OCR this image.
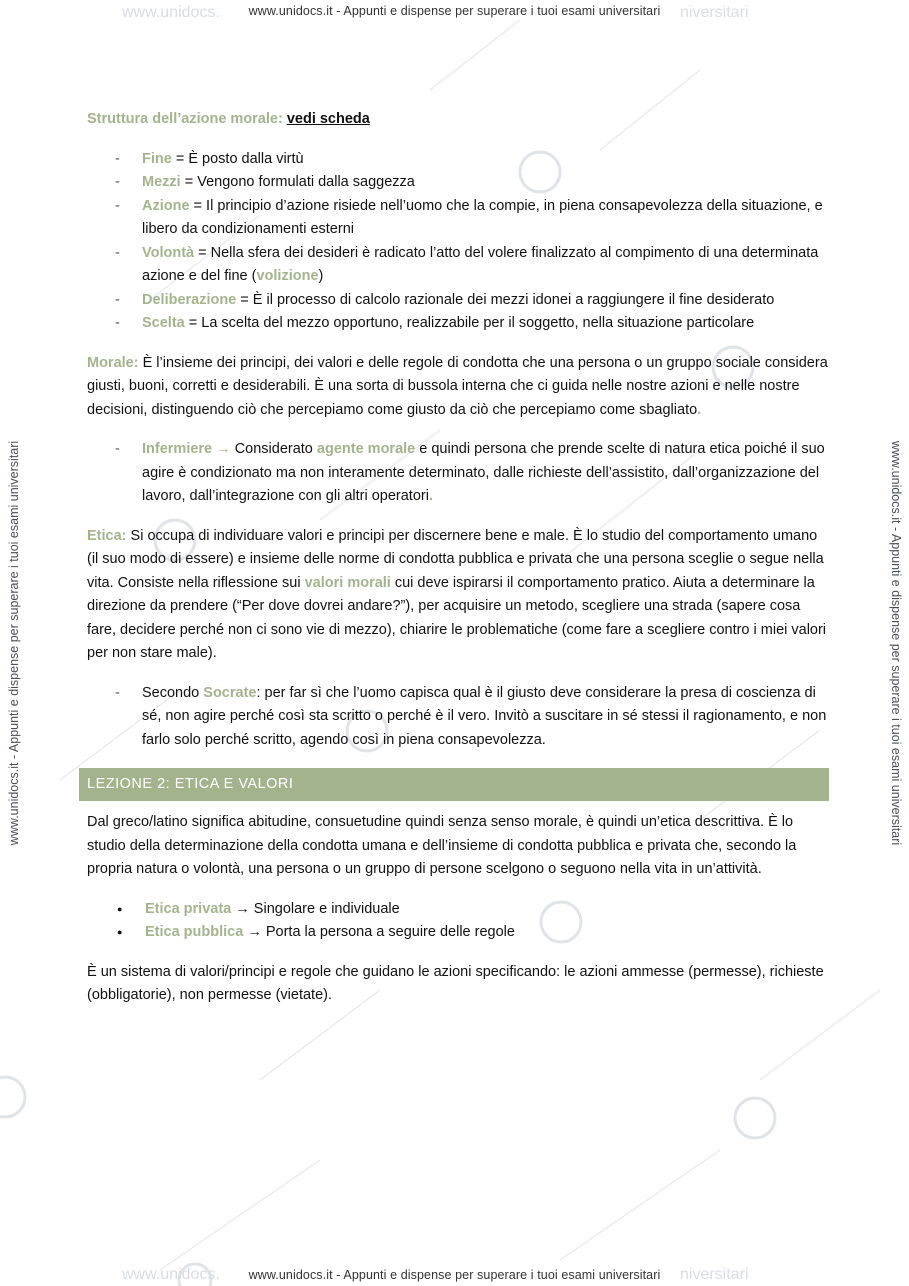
www.unidocs.	niversitari
www.unidocs.	niversitari
www.unidocs.it - Appunti e dispense per superare i tuoi esami universitari
www.unidocs.it - Appunti e dispense per superare i tuoi esami universitari
www.unidocs.it - Appunti e dispense per superare i tuoi esami universitari	www.unidocs.it - Appunti e dispense per superare i tuoi esami universitari

Struttura dell’azione morale: vedi scheda

- Fine = È posto dalla virtù
- Mezzi = Vengono formulati dalla saggezza
- Azione = Il principio d’azione risiede nell’uomo che la compie, in piena consapevolezza della situazione, e libero da condizionamenti esterni
- Volontà = Nella sfera dei desideri è radicato l’atto del volere finalizzato al compimento di una determinata azione e del fine (volizione)
- Deliberazione = È il processo di calcolo razionale dei mezzi idonei a raggiungere il fine desiderato
- Scelta = La scelta del mezzo opportuno, realizzabile per il soggetto, nella situazione particolare

Morale: È l’insieme dei principi, dei valori e delle regole di condotta che una persona o un gruppo sociale considera giusti, buoni, corretti e desiderabili. È una sorta di bussola interna che ci guida nelle nostre azioni e nelle nostre decisioni, distinguendo ciò che percepiamo come giusto da ciò che percepiamo come sbagliato.

- Infermiere → Considerato agente morale e quindi persona che prende scelte di natura etica poiché il suo agire è condizionato ma non interamente determinato, dalle richieste dell’assistito, dall’organizzazione del lavoro, dall’integrazione con gli altri operatori.

Etica: Si occupa di individuare valori e principi per discernere bene e male. È lo studio del comportamento umano (il suo modo di essere) e insieme delle norme di condotta pubblica e privata che una persona sceglie o segue nella vita. Consiste nella riflessione sui valori morali cui deve ispirarsi il comportamento pratico. Aiuta a determinare la direzione da prendere (“Per dove dovrei andare?”), per acquisire un metodo, scegliere una strada (sapere cosa fare, decidere perché non ci sono vie di mezzo), chiarire le problematiche (come fare a scegliere contro i miei valori per non stare male).

- Secondo Socrate: per far sì che l’uomo capisca qual è il giusto deve considerare la presa di coscienza di sé, non agire perché così sta scritto o perché è il vero. Invitò a suscitare in sé stessi il ragionamento, e non farlo solo perché scritto, agendo così in piena consapevolezza.
LEZIONE 2: ETICA E VALORI

Dal greco/latino significa abitudine, consuetudine quindi senza senso morale, è quindi un’etica descrittiva. È lo studio della determinazione della condotta umana e dell’insieme di condotta pubblica e privata che, secondo la propria natura o volontà, una persona o un gruppo di persone scelgono o seguono nella vita in un’attività.

● Etica privata → Singolare e individuale
● Etica pubblica → Porta la persona a seguire delle regole

È un sistema di valori/principi e regole che guidano le azioni specificando: le azioni ammesse (permesse), richieste (obbligatorie), non permesse (vietate).
